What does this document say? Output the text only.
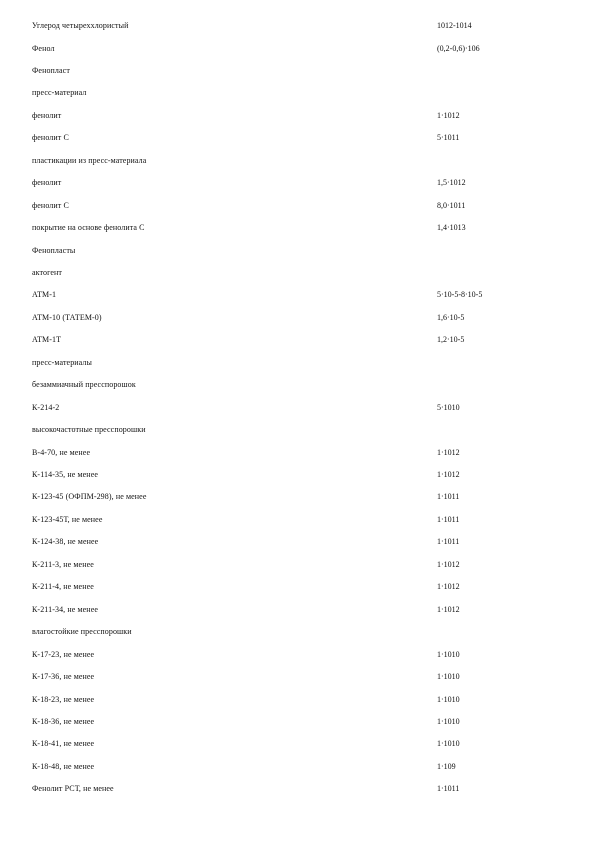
Углерод четыреххлористый	1012-1014
Фенол	(0,2-0,6)·106
Фенопласт
пресс-материал
фенолит	1·1012
фенолит С	5·1011
пластикации из пресс-материала
фенолит	1,5·1012
фенолит С	8,0·1011
покрытие на основе фенолита С	1,4·1013
Фенопласты
актогент
АТМ-1	5·10-5-8·10-5
АТМ-10 (ТАТЕМ-0)	1,6·10-5
АТМ-1Т	1,2·10-5
пресс-материалы
безаммиачный пресспорошок
К-214-2	5·1010
высокочастотные пресспорошки
В-4-70, не менее	1·1012
К-114-35, не менее	1·1012
К-123-45 (ОФПМ-298), не менее	1·1011
К-123-45Т, не менее	1·1011
К-124-38, не менее	1·1011
К-211-3, не менее	1·1012
К-211-4, не менее	1·1012
К-211-34, не менее	1·1012
влагостойкие пресспорошки
К-17-23, не менее	1·1010
К-17-36, не менее	1·1010
К-18-23, не менее	1·1010
К-18-36, не менее	1·1010
К-18-41, не менее	1·1010
К-18-48, не менее	1·109
Фенолит РСТ, не менее	1·1011
